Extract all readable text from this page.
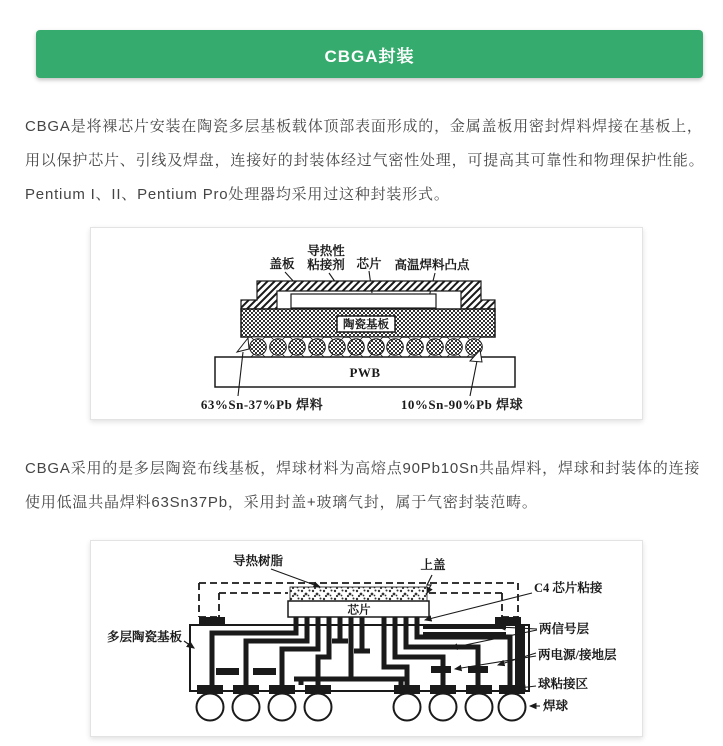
CBGA封装
CBGA是将裸芯片安装在陶瓷多层基板载体顶部表面形成的，金属盖板用密封焊料焊接在基板上，
用以保护芯片、引线及焊盘，连接好的封装体经过气密性处理，可提高其可靠性和物理保护性能。
Pentium I、II、Pentium Pro处理器均采用过这种封装形式。
盖板
导热性
粘接剂 芯片 高温焊料凸点
陶瓷基板
PWB
63%Sn-37%Pb 焊料	10%Sn-90%Pb 焊球
CBGA采用的是多层陶瓷布线基板，焊球材料为高熔点90Pb10Sn共晶焊料，焊球和封装体的连接
使用低温共晶焊料63Sn37Pb，采用封盖+玻璃气封，属于气密封装范畴。
导热树脂	上盖
芯片
多层陶瓷基板
C4 芯片粘接
两信号层
两电源/接地层
球粘接区
焊球
